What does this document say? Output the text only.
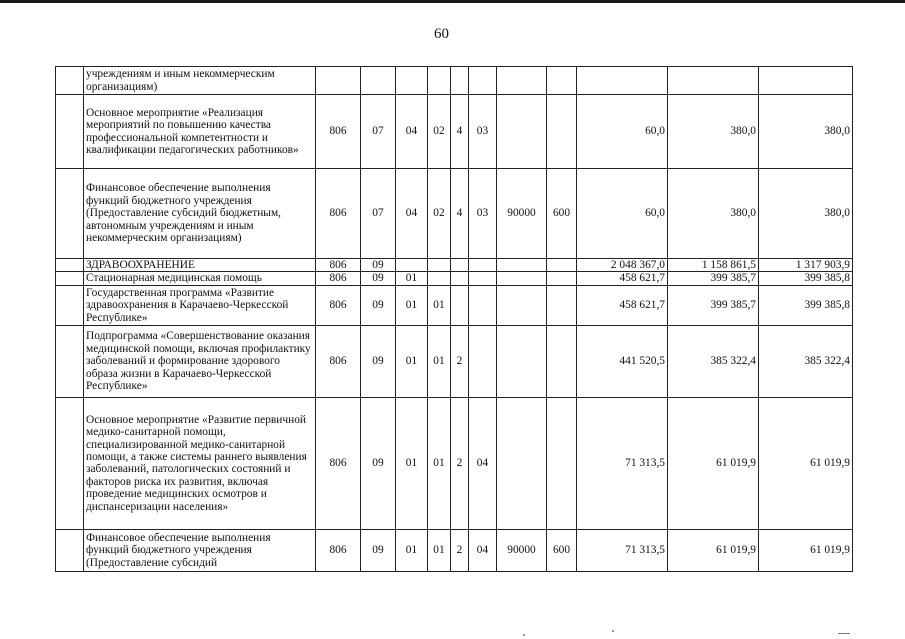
60
	учреждениям и иным некоммерческим организациям)											
	Основное мероприятие «Реализация мероприятий по повышению качества профессиональной компетентности и квалификации педагогических работников»	806	07	04	02	4	03			60,0	380,0	380,0
	Финансовое обеспечение выполнения функций бюджетного учреждения (Предоставление субсидий бюджетным, автономным учреждениям и иным некоммерческим организациям)	806	07	04	02	4	03	90000	600	60,0	380,0	380,0
	ЗДРАВООХРАНЕНИЕ	806	09							2 048 367,0	1 158 861,5	1 317 903,9
	Стационарная медицинская помощь	806	09	01						458 621,7	399 385,7	399 385,8
	Государственная программа «Развитие здравоохранения в Карачаево-Черкесской Республике»	806	09	01	01					458 621,7	399 385,7	399 385,8
	Подпрограмма «Совершенствование оказания медицинской помощи, включая профилактику заболеваний и формирование здорового образа жизни в Карачаево-Черкесской Республике»	806	09	01	01	2				441 520,5	385 322,4	385 322,4
	Основное мероприятие «Развитие первичной медико-санитарной помощи, специализированной медико-санитарной помощи, а также системы раннего выявления заболеваний, патологических состояний и факторов риска их развития, включая проведение медицинских осмотров и диспансеризации населения»	806	09	01	01	2	04			71 313,5	61 019,9	61 019,9
	Финансовое обеспечение выполнения функций бюджетного учреждения (Предоставление субсидий	806	09	01	01	2	04	90000	600	71 313,5	61 019,9	61 019,9
